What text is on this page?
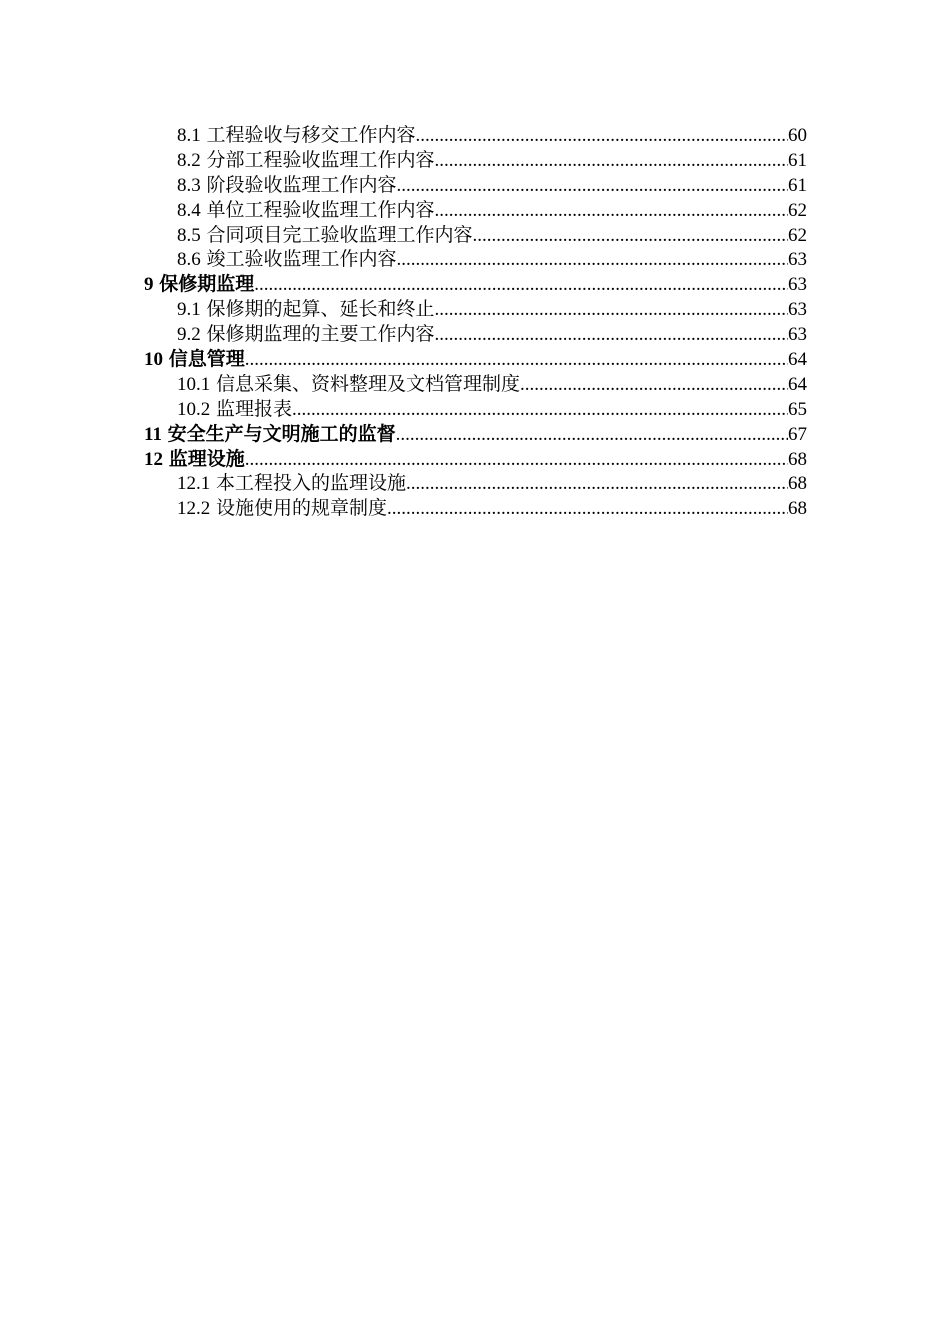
8.1 工程验收与移交工作内容 .....	60
8.2 分部工程验收监理工作内容 .....	61
8.3 阶段验收监理工作内容 .....	61
8.4 单位工程验收监理工作内容 .....	62
8.5 合同项目完工验收监理工作内容 .....	62
8.6 竣工验收监理工作内容 .....	63
9 保修期监理 .....	63
9.1 保修期的起算、延长和终止 .....	63
9.2 保修期监理的主要工作内容 .....	63
10 信息管理 .....	64
10.1 信息采集、资料整理及文档管理制度 .....	64
10.2 监理报表 .....	65
11 安全生产与文明施工的监督 .....	67
12 监理设施 .....	68
12.1 本工程投入的监理设施 .....	68
12.2 设施使用的规章制度 .....	68
